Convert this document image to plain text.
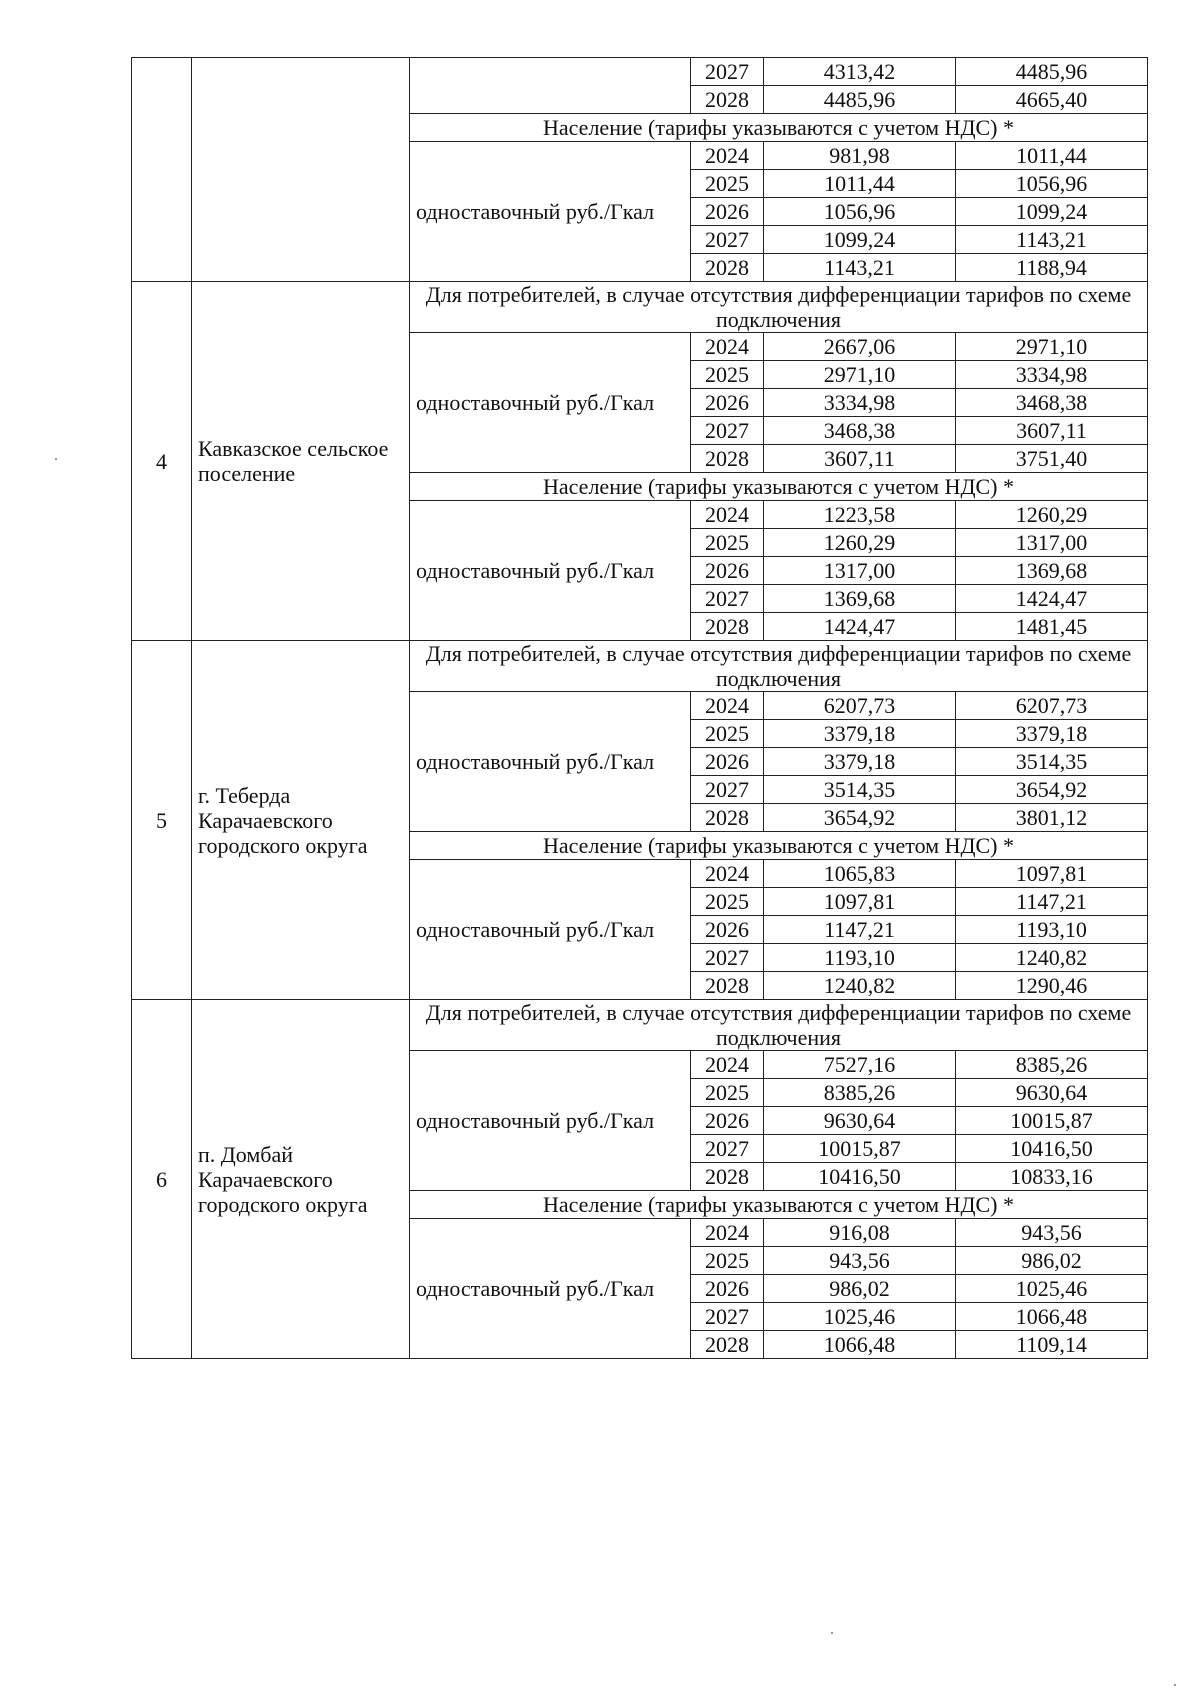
			2027	4313,42	4485,96
			2028	4485,96	4665,40
		Население (тарифы указываются с учетом НДС) *			
		одноставочный руб./Гкал	2024	981,98	1011,44
			2025	1011,44	1056,96
			2026	1056,96	1099,24
			2027	1099,24	1143,21
			2028	1143,21	1188,94
4	Кавказское сельское поселение	Для потребителей, в случае отсутствия дифференциации тарифов по схеме подключения			
		одноставочный руб./Гкал	2024	2667,06	2971,10
			2025	2971,10	3334,98
			2026	3334,98	3468,38
			2027	3468,38	3607,11
			2028	3607,11	3751,40
		Население (тарифы указываются с учетом НДС) *			
		одноставочный руб./Гкал	2024	1223,58	1260,29
			2025	1260,29	1317,00
			2026	1317,00	1369,68
			2027	1369,68	1424,47
			2028	1424,47	1481,45
5	г. Теберда Карачаевского городского округа	Для потребителей, в случае отсутствия дифференциации тарифов по схеме подключения			
		одноставочный руб./Гкал	2024	6207,73	6207,73
			2025	3379,18	3379,18
			2026	3379,18	3514,35
			2027	3514,35	3654,92
			2028	3654,92	3801,12
		Население (тарифы указываются с учетом НДС) *			
		одноставочный руб./Гкал	2024	1065,83	1097,81
			2025	1097,81	1147,21
			2026	1147,21	1193,10
			2027	1193,10	1240,82
			2028	1240,82	1290,46
6	п. Домбай Карачаевского городского округа	Для потребителей, в случае отсутствия дифференциации тарифов по схеме подключения			
		одноставочный руб./Гкал	2024	7527,16	8385,26
			2025	8385,26	9630,64
			2026	9630,64	10015,87
			2027	10015,87	10416,50
			2028	10416,50	10833,16
		Население (тарифы указываются с учетом НДС) *			
		одноставочный руб./Гкал	2024	916,08	943,56
			2025	943,56	986,02
			2026	986,02	1025,46
			2027	1025,46	1066,48
			2028	1066,48	1109,14
